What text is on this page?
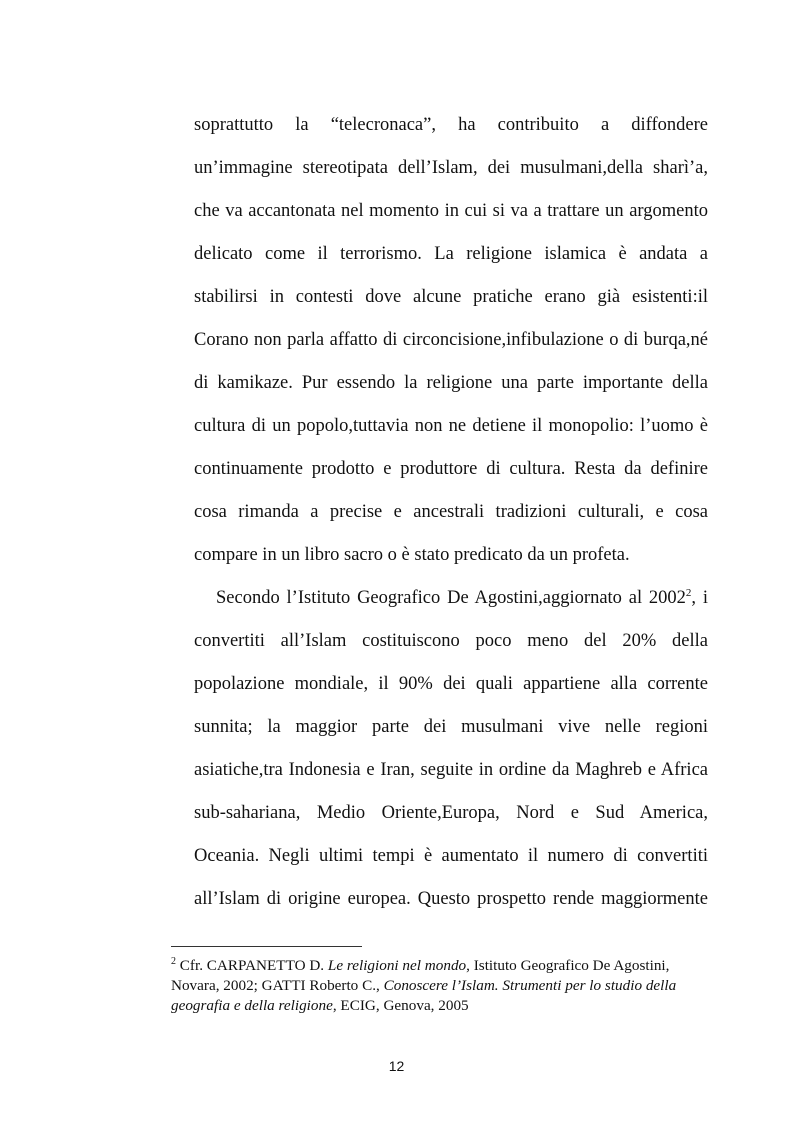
soprattutto la “telecronaca”, ha contribuito a diffondere

un’immagine stereotipata dell’Islam, dei musulmani,della sharì’a,

che va accantonata nel momento in cui si va a trattare un argomento

delicato come il terrorismo. La religione islamica è andata a

stabilirsi in contesti dove alcune pratiche erano già esistenti:il

Corano non parla affatto di circoncisione,infibulazione o di burqa,né

di kamikaze. Pur essendo la religione una parte importante della

cultura di un popolo,tuttavia non ne detiene il monopolio: l’uomo è

continuamente prodotto e produttore di cultura. Resta da definire

cosa rimanda a precise e ancestrali tradizioni culturali, e cosa

compare in un libro sacro o è stato predicato da un profeta.

Secondo l’Istituto Geografico De Agostini,aggiornato al 2002$^2$, i

convertiti all’Islam costituiscono poco meno del 20% della

popolazione mondiale, il 90% dei quali appartiene alla corrente

sunnita; la maggior parte dei musulmani vive nelle regioni

asiatiche,tra Indonesia e Iran, seguite in ordine da Maghreb e Africa

sub-sahariana, Medio Oriente,Europa, Nord e Sud America,

Oceania. Negli ultimi tempi è aumentato il numero di convertiti

all’Islam di origine europea. Questo prospetto rende maggiormente

$^2$ Cfr. CARPANETTO D. Le religioni nel mondo, Istituto Geografico De Agostini,

Novara, 2002; GATTI Roberto C., Conoscere l’Islam. Strumenti per lo studio della

geografia e della religione, ECIG, Genova, 2005

12
